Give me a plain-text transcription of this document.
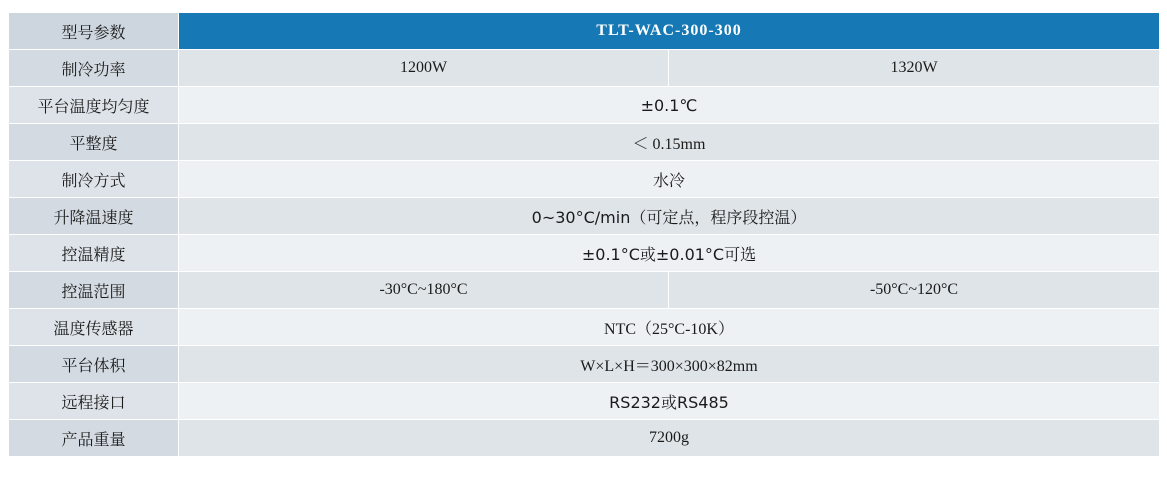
型号参数	TLT-WAC-300-300	
制冷功率	1200W	1320W
平台温度均匀度	±0.1℃	
平整度	＜ 0.15mm	
制冷方式	水冷	
升降温速度	0~30°C/min（可定点，程序段控温）	
控温精度	±0.1°C或±0.01°C可选	
控温范围	-30°C~180°C	-50°C~120°C
温度传感器	NTC（25°C-10K）	
平台体积	W×L×H＝300×300×82mm	
远程接口	RS232或RS485	
产品重量	7200g	
